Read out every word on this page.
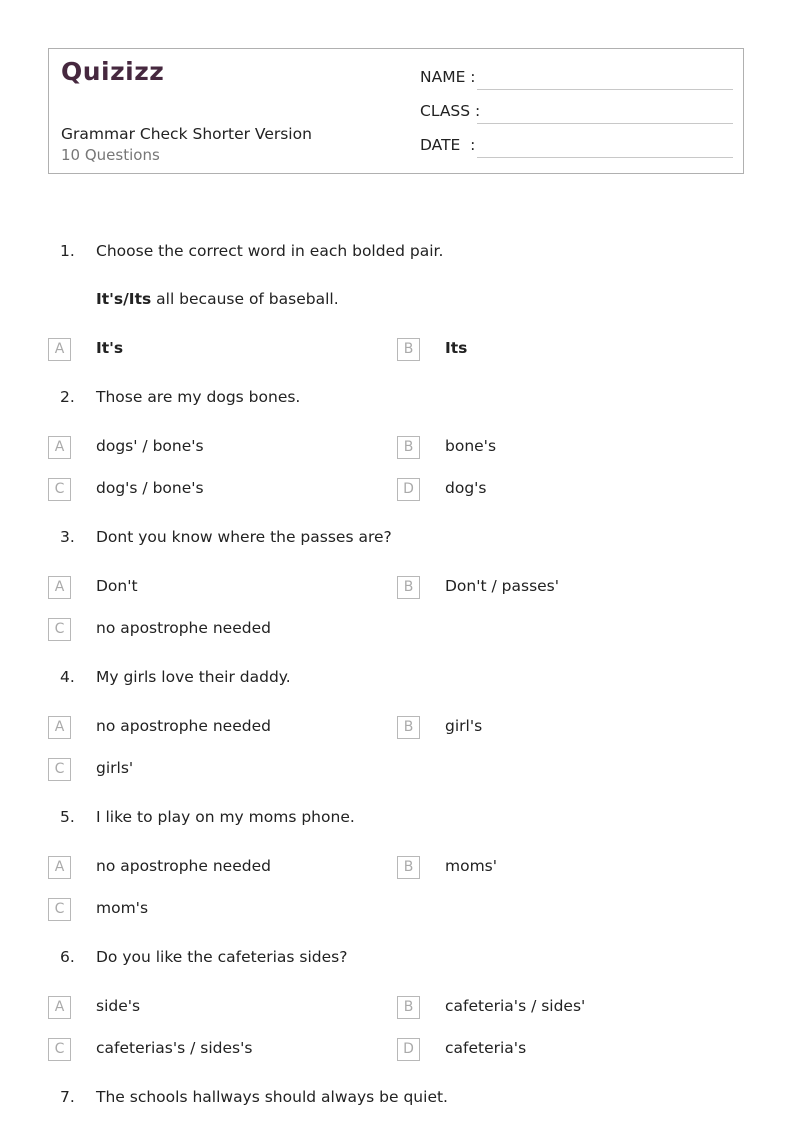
Quizizz
Grammar Check Shorter Version
10 Questions
NAME :
CLASS :
DATE  :
1. Choose the correct word in each bolded pair.
It's/Its all because of baseball.
A	It's	B	Its
2. Those are my dogs bones.
A	dogs' / bone's	B	bone's
C	dog's / bone's	D	dog's
3. Dont you know where the passes are?
A	Don't	B	Don't / passes'
C	no apostrophe needed
4. My girls love their daddy.
A	no apostrophe needed	B	girl's
C	girls'
5. I like to play on my moms phone.
A	no apostrophe needed	B	moms'
C	mom's
6. Do you like the cafeterias sides?
A	side's	B	cafeteria's / sides'
C	cafeterias's / sides's	D	cafeteria's
7. The schools hallways should always be quiet.
